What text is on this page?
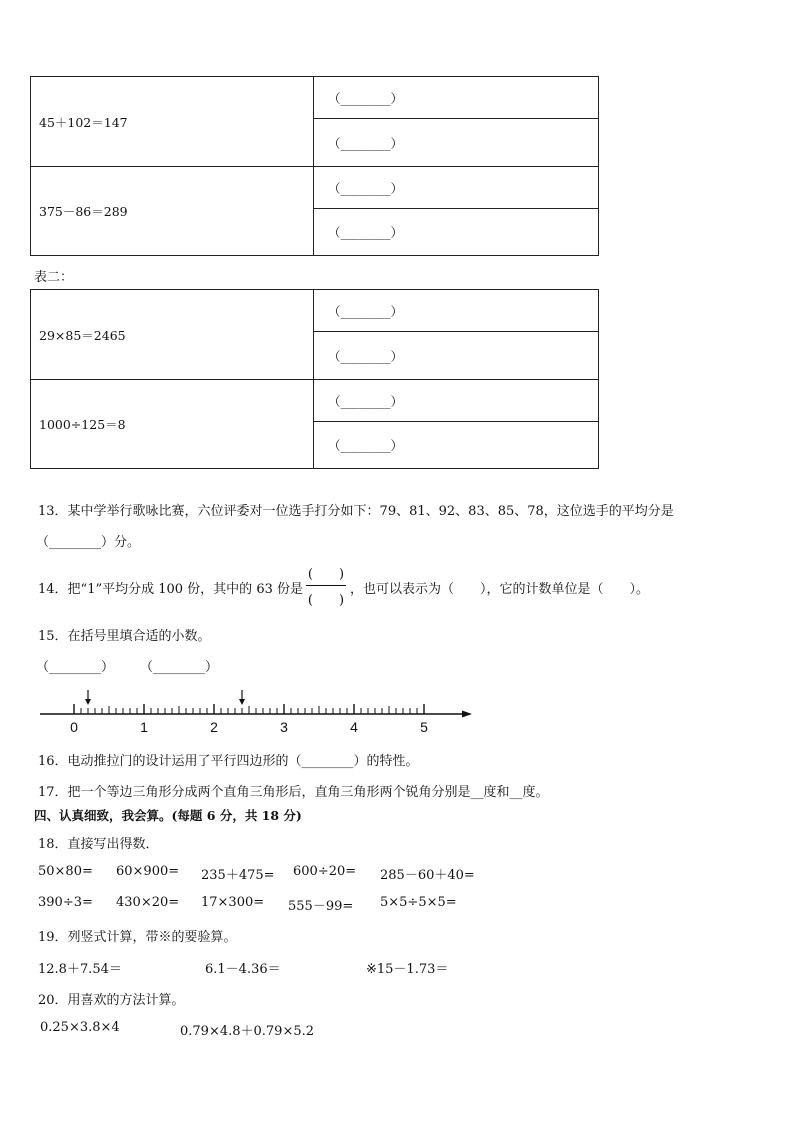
45＋102＝147	（________）
	（________）
375－86＝289	（________）
	（________）
表二：
29×85＝2465	（________）
	（________）
1000÷125＝8	（________）
	（________）
13．某中学举行歌咏比赛，六位评委对一位选手打分如下：79、81、92、83、85、78，这位选手的平均分是
（________）分。
14．把“1”平均分成 100 份，其中的 63 份是
(　　)
(　　)
，也可以表示为（　　），它的计数单位是（　　）。
15．在括号里填合适的小数。
（________） （________）
0	1	2	3	4	5
16．电动推拉门的设计运用了平行四边形的（________）的特性。
17．把一个等边三角形分成两个直角三角形后，直角三角形两个锐角分别是__度和__度。
四、认真细致，我会算。(每题 6 分，共 18 分)
18．直接写出得数．
50×80= 60×900= 235＋475= 600÷20= 285－60＋40=
390÷3= 430×20= 17×300= 555－99= 5×5÷5×5=
19．列竖式计算，带※的要验算。
12.8＋7.54＝	6.1－4.36＝	※15－1.73＝
20．用喜欢的方法计算。
0.25×3.8×4	0.79×4.8＋0.79×5.2
